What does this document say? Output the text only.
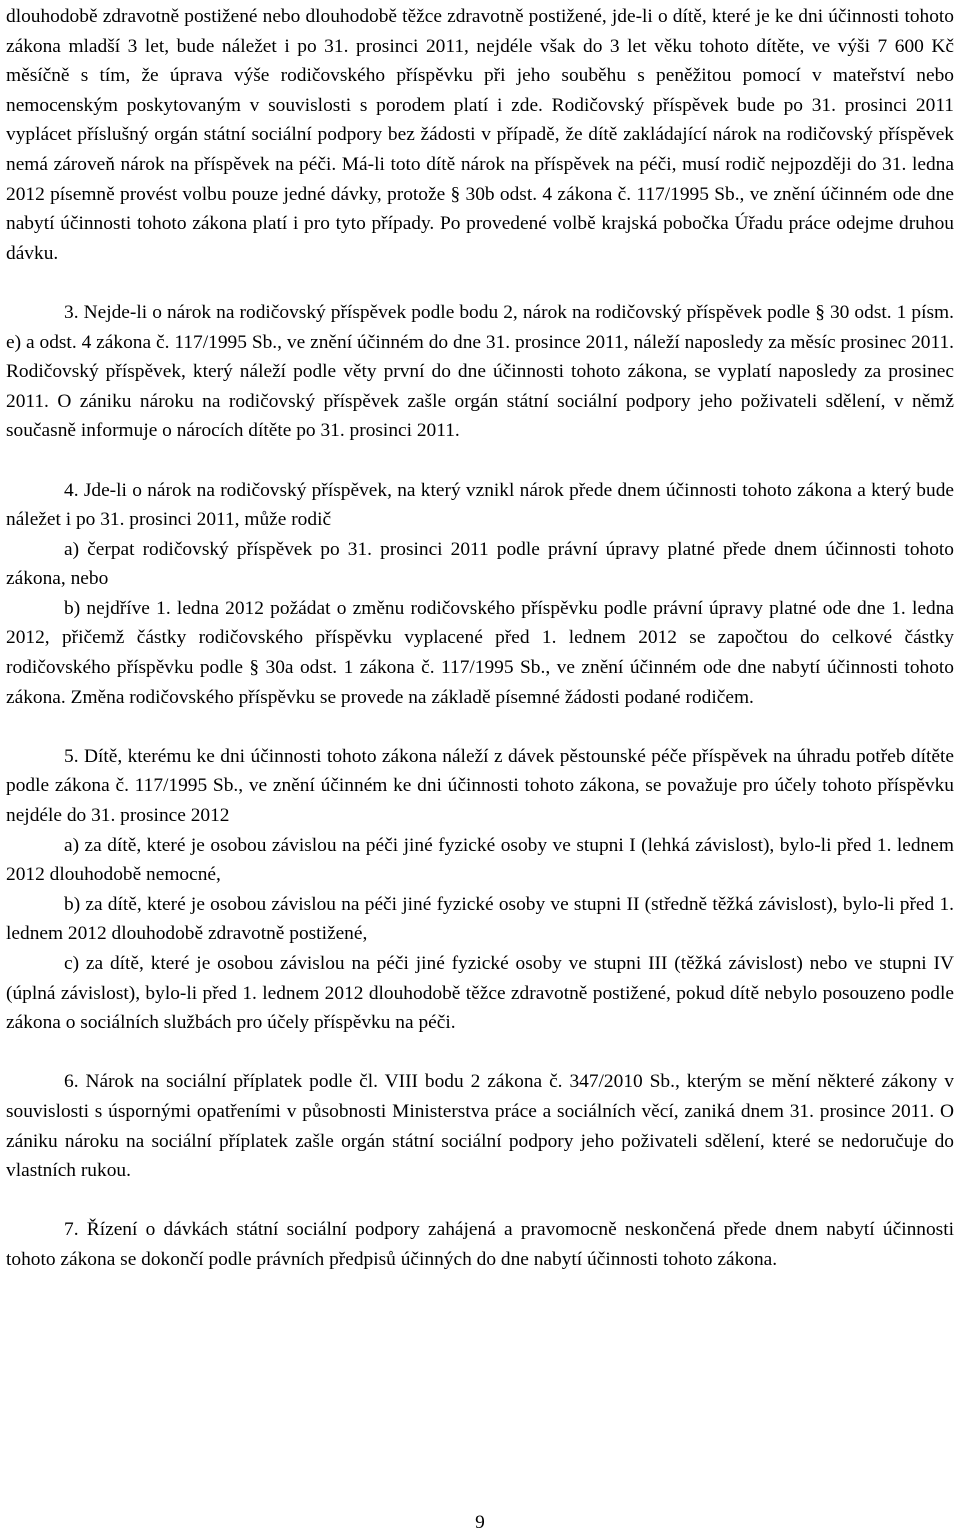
dlouhodobě zdravotně postižené nebo dlouhodobě těžce zdravotně postižené, jde-li o dítě, které je ke dni účinnosti tohoto zákona mladší 3 let, bude náležet i po 31. prosinci 2011, nejdéle však do 3 let věku tohoto dítěte, ve výši 7 600 Kč měsíčně s tím, že úprava výše rodičovského příspěvku při jeho souběhu s peněžitou pomocí v mateřství nebo nemocenským poskytovaným v souvislosti s porodem platí i zde. Rodičovský příspěvek bude po 31. prosinci 2011 vyplácet příslušný orgán státní sociální podpory bez žádosti v případě, že dítě zakládající nárok na rodičovský příspěvek nemá zároveň nárok na příspěvek na péči. Má-li toto dítě nárok na příspěvek na péči, musí rodič nejpozději do 31. ledna 2012 písemně provést volbu pouze jedné dávky, protože § 30b odst. 4 zákona č. 117/1995 Sb., ve znění účinném ode dne nabytí účinnosti tohoto zákona platí i pro tyto případy. Po provedené volbě krajská pobočka Úřadu práce odejme druhou dávku.

3. Nejde-li o nárok na rodičovský příspěvek podle bodu 2, nárok na rodičovský příspěvek podle § 30 odst. 1 písm. e) a odst. 4 zákona č. 117/1995 Sb., ve znění účinném do dne 31. prosince 2011, náleží naposledy za měsíc prosinec 2011. Rodičovský příspěvek, který náleží podle věty první do dne účinnosti tohoto zákona, se vyplatí naposledy za prosinec 2011. O zániku nároku na rodičovský příspěvek zašle orgán státní sociální podpory jeho poživateli sdělení, v němž současně informuje o nárocích dítěte po 31. prosinci 2011.

4. Jde-li o nárok na rodičovský příspěvek, na který vznikl nárok přede dnem účinnosti tohoto zákona a který bude náležet i po 31. prosinci 2011, může rodič

a) čerpat rodičovský příspěvek po 31. prosinci 2011 podle právní úpravy platné přede dnem účinnosti tohoto zákona, nebo

b) nejdříve 1. ledna 2012 požádat o změnu rodičovského příspěvku podle právní úpravy platné ode dne 1. ledna 2012, přičemž částky rodičovského příspěvku vyplacené před 1. lednem 2012 se započtou do celkové částky rodičovského příspěvku podle § 30a odst. 1 zákona č. 117/1995 Sb., ve znění účinném ode dne nabytí účinnosti tohoto zákona. Změna rodičovského příspěvku se provede na základě písemné žádosti podané rodičem.

5. Dítě, kterému ke dni účinnosti tohoto zákona náleží z dávek pěstounské péče příspěvek na úhradu potřeb dítěte podle zákona č. 117/1995 Sb., ve znění účinném ke dni účinnosti tohoto zákona, se považuje pro účely tohoto příspěvku nejdéle do 31. prosince 2012

a) za dítě, které je osobou závislou na péči jiné fyzické osoby ve stupni I (lehká závislost), bylo-li před 1. lednem 2012 dlouhodobě nemocné,

b) za dítě, které je osobou závislou na péči jiné fyzické osoby ve stupni II (středně těžká závislost), bylo-li před 1. lednem 2012 dlouhodobě zdravotně postižené,

c) za dítě, které je osobou závislou na péči jiné fyzické osoby ve stupni III (těžká závislost) nebo ve stupni IV (úplná závislost), bylo-li před 1. lednem 2012 dlouhodobě těžce zdravotně postižené, pokud dítě nebylo posouzeno podle zákona o sociálních službách pro účely příspěvku na péči.

6. Nárok na sociální příplatek podle čl. VIII bodu 2 zákona č. 347/2010 Sb., kterým se mění některé zákony v souvislosti s úspornými opatřeními v působnosti Ministerstva práce a sociálních věcí, zaniká dnem 31. prosince 2011. O zániku nároku na sociální příplatek zašle orgán státní sociální podpory jeho poživateli sdělení, které se nedoručuje do vlastních rukou.

7. Řízení o dávkách státní sociální podpory zahájená a pravomocně neskončená přede dnem nabytí účinnosti tohoto zákona se dokončí podle právních předpisů účinných do dne nabytí účinnosti tohoto zákona.

9
